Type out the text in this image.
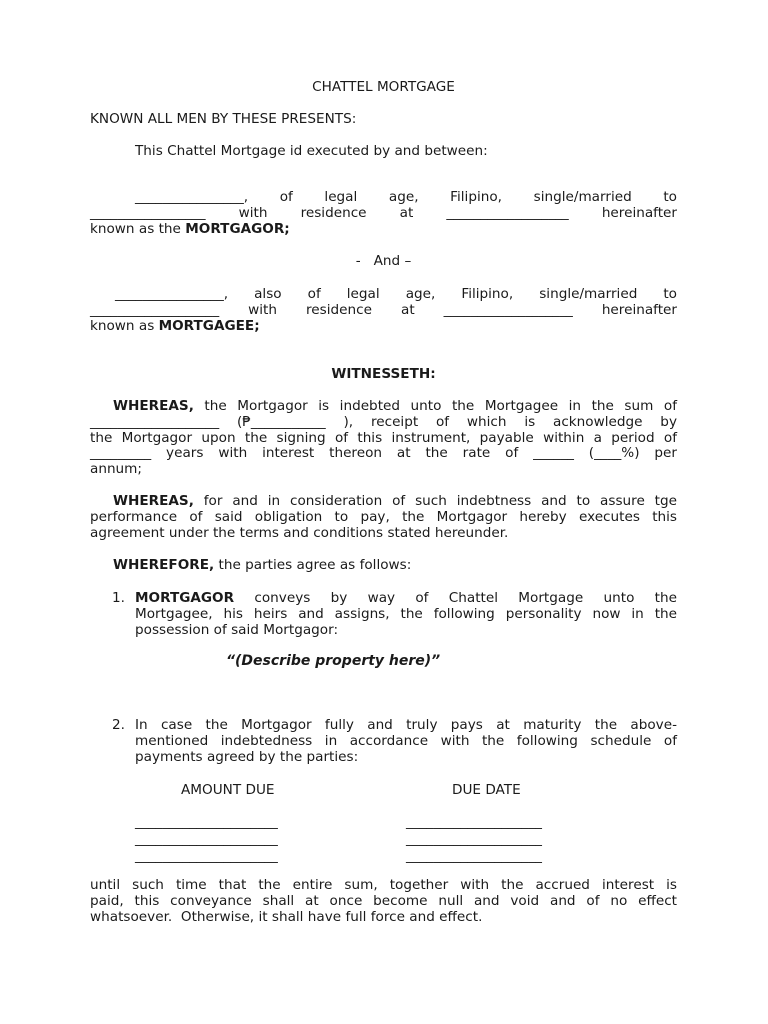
CHATTEL MORTGAGE

KNOWN ALL MEN BY THESE PRESENTS:

This Chattel Mortgage id executed by and between:

________________, of legal age, Filipino, single/married to
_________________ with residence at __________________ hereinafter
known as the MORTGAGOR;

-   And –

________________, also of legal age, Filipino, single/married to
___________________ with residence at ___________________ hereinafter
known as MORTGAGEE;

WITNESSETH:

WHEREAS, the Mortgagor is indebted unto the Mortgagee in the sum of
___________________ (₱___________ ), receipt of which is acknowledge by
the Mortgagor upon the signing of this instrument, payable within a period of
_________ years with interest thereon at the rate of ______ (____%) per
annum;
WHEREAS, for and in consideration of such indebtness and to assure tge
performance of said obligation to pay, the Mortgagor hereby executes this
agreement under the terms and conditions stated hereunder.

WHEREFORE, the parties agree as follows:

1. MORTGAGOR conveys by way of Chattel Mortgage unto the
Mortgagee, his heirs and assigns, the following personality now in the
possession of said Mortgagor:

“(Describe property here)”

2. In case the Mortgagor fully and truly pays at maturity the above-
mentioned indebtedness in accordance with the following schedule of
payments agreed by the parties:
AMOUNT DUE	DUE DATE
_____________________
_____________________
_____________________
____________________
____________________
____________________
until such time that the entire sum, together with the accrued interest is
paid, this conveyance shall at once become null and void and of no effect
whatsoever.  Otherwise, it shall have full force and effect.
